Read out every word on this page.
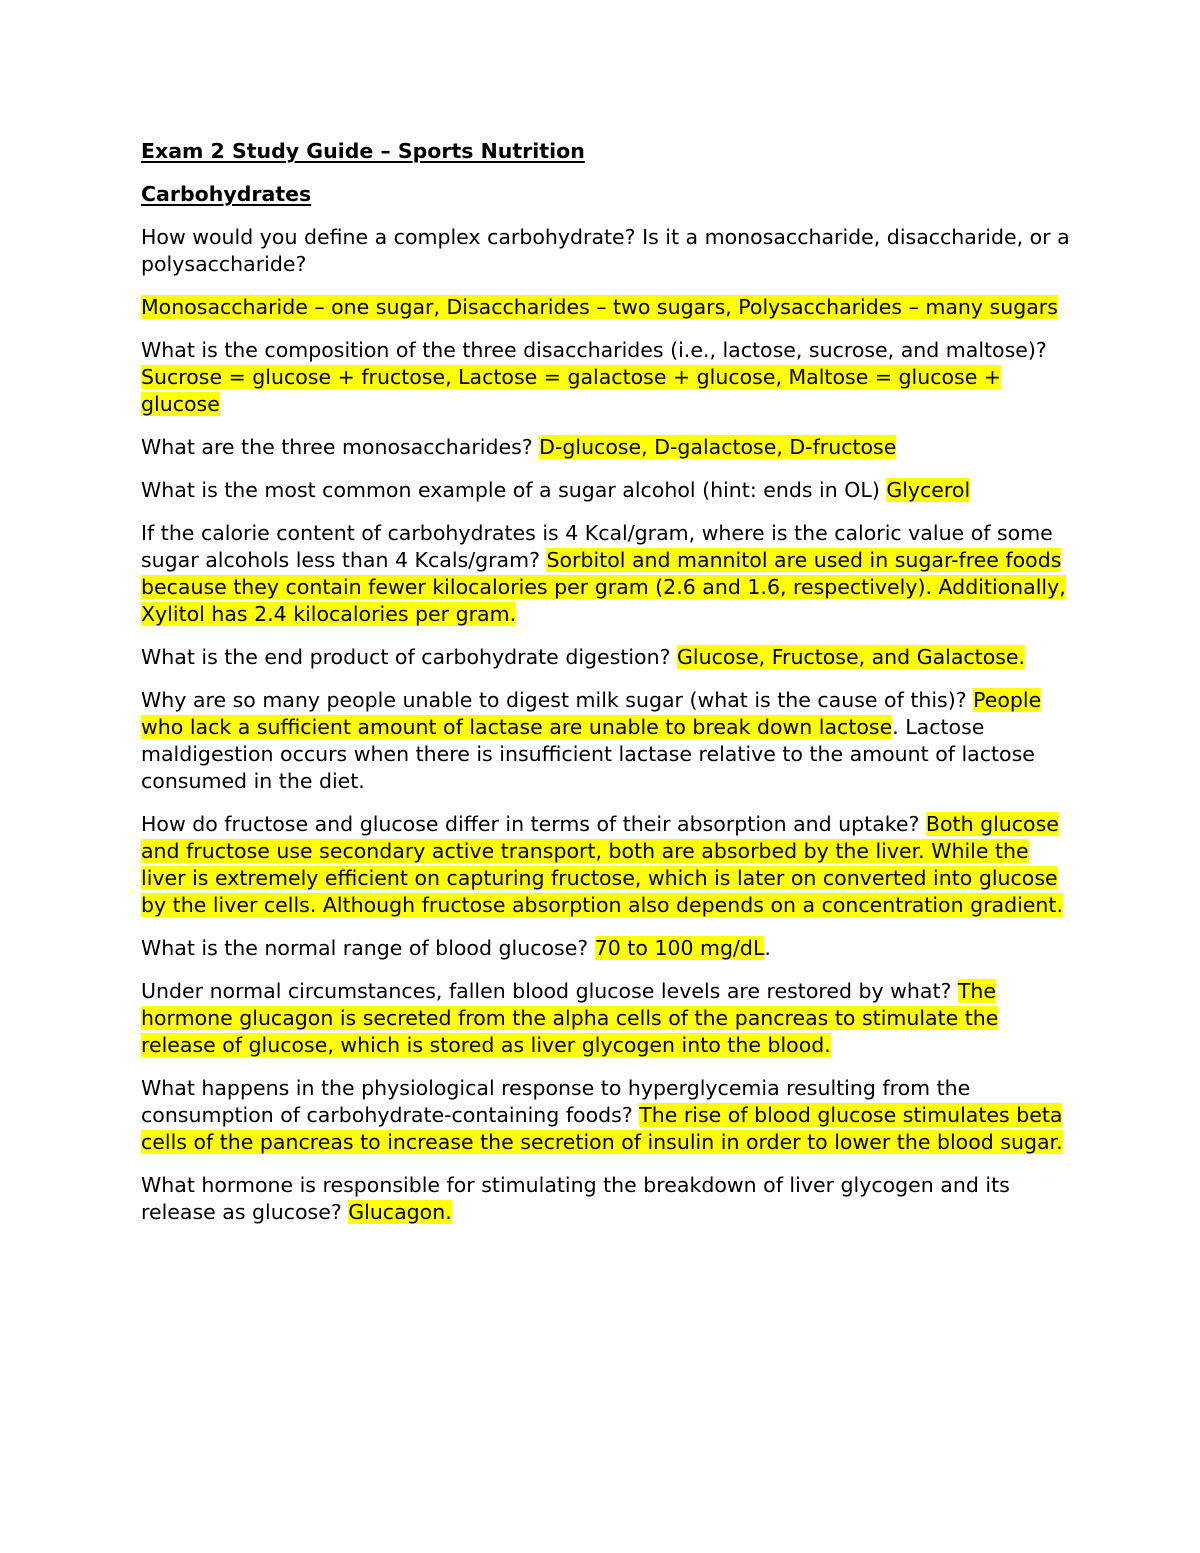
Exam 2 Study Guide – Sports Nutrition

Carbohydrates

How would you define a complex carbohydrate? Is it a monosaccharide, disaccharide, or a polysaccharide?

Monosaccharide – one sugar, Disaccharides – two sugars, Polysaccharides – many sugars

What is the composition of the three disaccharides (i.e., lactose, sucrose, and maltose)? Sucrose = glucose + fructose, Lactose = galactose + glucose, Maltose = glucose + glucose

What are the three monosaccharides? D-glucose, D-galactose, D-fructose

What is the most common example of a sugar alcohol (hint: ends in OL) Glycerol

If the calorie content of carbohydrates is 4 Kcal/gram, where is the caloric value of some sugar alcohols less than 4 Kcals/gram? Sorbitol and mannitol are used in sugar-free foods because they contain fewer kilocalories per gram (2.6 and 1.6, respectively). Additionally, Xylitol has 2.4 kilocalories per gram.

What is the end product of carbohydrate digestion? Glucose, Fructose, and Galactose.

Why are so many people unable to digest milk sugar (what is the cause of this)? People who lack a sufficient amount of lactase are unable to break down lactose. Lactose maldigestion occurs when there is insufficient lactase relative to the amount of lactose consumed in the diet.

How do fructose and glucose differ in terms of their absorption and uptake? Both glucose and fructose use secondary active transport, both are absorbed by the liver. While the liver is extremely efficient on capturing fructose, which is later on converted into glucose by the liver cells. Although fructose absorption also depends on a concentration gradient.

What is the normal range of blood glucose? 70 to 100 mg/dL.

Under normal circumstances, fallen blood glucose levels are restored by what? The hormone glucagon is secreted from the alpha cells of the pancreas to stimulate the release of glucose, which is stored as liver glycogen into the blood.

What happens in the physiological response to hyperglycemia resulting from the consumption of carbohydrate-containing foods? The rise of blood glucose stimulates beta cells of the pancreas to increase the secretion of insulin in order to lower the blood sugar.

What hormone is responsible for stimulating the breakdown of liver glycogen and its release as glucose? Glucagon.
